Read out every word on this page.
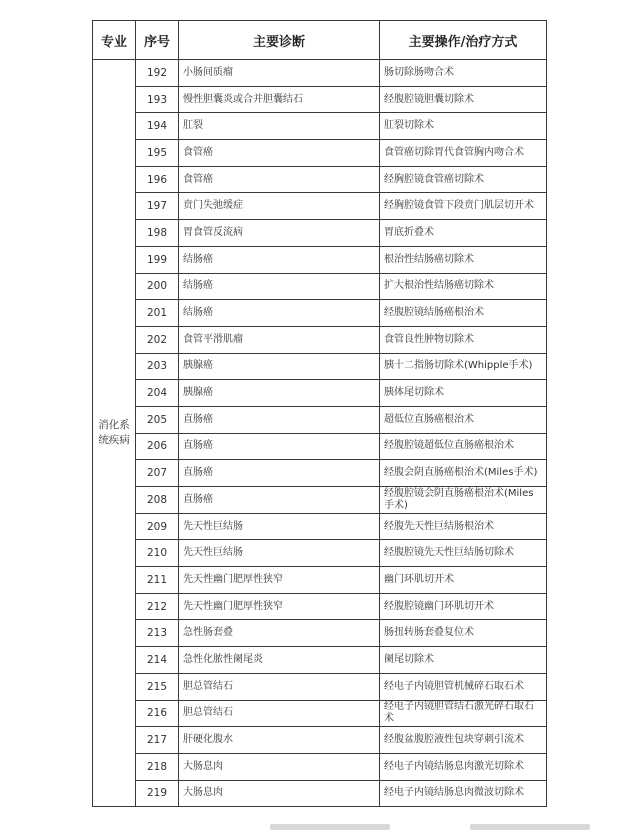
专业	序号	主要诊断	主要操作/治疗方式
消化系统疾病	192	小肠间质瘤	肠切除肠吻合术
	193	慢性胆囊炎或合并胆囊结石	经腹腔镜胆囊切除术
	194	肛裂	肛裂切除术
	195	食管癌	食管癌切除胃代食管胸内吻合术
	196	食管癌	经胸腔镜食管癌切除术
	197	贲门失弛缓症	经胸腔镜食管下段贲门肌层切开术
	198	胃食管反流病	胃底折叠术
	199	结肠癌	根治性结肠癌切除术
	200	结肠癌	扩大根治性结肠癌切除术
	201	结肠癌	经腹腔镜结肠癌根治术
	202	食管平滑肌瘤	食管良性肿物切除术
	203	胰腺癌	胰十二指肠切除术(Whipple手术)
	204	胰腺癌	胰体尾切除术
	205	直肠癌	超低位直肠癌根治术
	206	直肠癌	经腹腔镜超低位直肠癌根治术
	207	直肠癌	经腹会阴直肠癌根治术(Miles手术)
	208	直肠癌	经腹腔镜会阴直肠癌根治术(Miles手术)
	209	先天性巨结肠	经腹先天性巨结肠根治术
	210	先天性巨结肠	经腹腔镜先天性巨结肠切除术
	211	先天性幽门肥厚性狭窄	幽门环肌切开术
	212	先天性幽门肥厚性狭窄	经腹腔镜幽门环肌切开术
	213	急性肠套叠	肠扭转肠套叠复位术
	214	急性化脓性阑尾炎	阑尾切除术
	215	胆总管结石	经电子内镜胆管机械碎石取石术
	216	胆总管结石	经电子内镜胆管结石激光碎石取石术
	217	肝硬化腹水	经腹盆腹腔液性包块穿刺引流术
	218	大肠息肉	经电子内镜结肠息肉激光切除术
	219	大肠息肉	经电子内镜结肠息肉微波切除术
